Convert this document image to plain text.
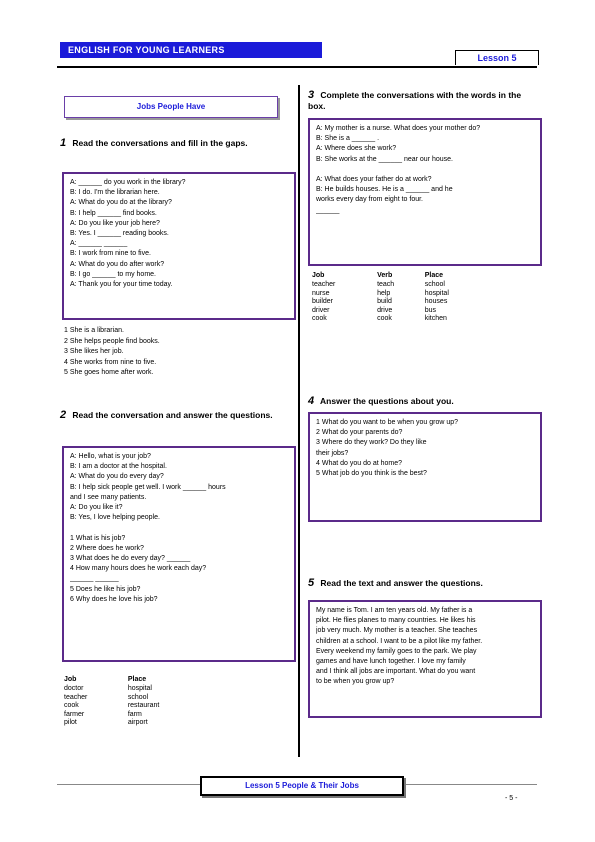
ENGLISH FOR YOUNG LEARNERS
Lesson 5
Jobs People Have
1 Read the conversations and fill in the gaps.
A: ______ do you work in the library?
B: I do. I'm the librarian here.
A: What do you do at the library?
B: I help ______ find books.
A: Do you like your job here?
B: Yes. I ______ reading books.
A: ______ ______
B: I work from nine to five.
A: What do you do after work?
B: I go ______ to my home.
A: Thank you for your time today.
1 She is a librarian.
2 She helps people find books.
3 She likes her job.
4 She works from nine to five.
5 She goes home after work.
2 Read the conversation and answer the questions.
A: Hello, what is your job?
B: I am a doctor at the hospital.
A: What do you do every day?
B: I help sick people get well. I work ______ hours
and I see many patients.
A: Do you like it?
B: Yes, I love helping people.

1 What is his job?
2 Where does he work?
3 What does he do every day? ______
4 How many hours does he work each day?
______ ______
5 Does he like his job?
6 Why does he love his job?
Job	Place
doctor	hospital
teacher	school
cook	restaurant
farmer	farm
pilot	airport
3 Complete the conversations with the words in the box.
A: My mother is a nurse. What does your mother do?
B: She is a ______ .
A: Where does she work?
B: She works at the ______ near our house.

A: What does your father do at work?
B: He builds houses. He is a ______ and he
works every day from eight to four.
______
Job	Verb	Place
teacher	teach	school
nurse	help	hospital
builder	build	houses
driver	drive	bus
cook	cook	kitchen
4 Answer the questions about you.
1 What do you want to be when you grow up?
2 What do your parents do?
3 Where do they work? Do they like
their jobs?
4 What do you do at home?
5 What job do you think is the best?
5 Read the text and answer the questions.
My name is Tom. I am ten years old. My father is a
pilot. He flies planes to many countries. He likes his
job very much. My mother is a teacher. She teaches
children at a school. I want to be a pilot like my father.
Every weekend my family goes to the park. We play
games and have lunch together. I love my family
and I think all jobs are important. What do you want
to be when you grow up?
Lesson 5 People & Their Jobs
- 5 -
